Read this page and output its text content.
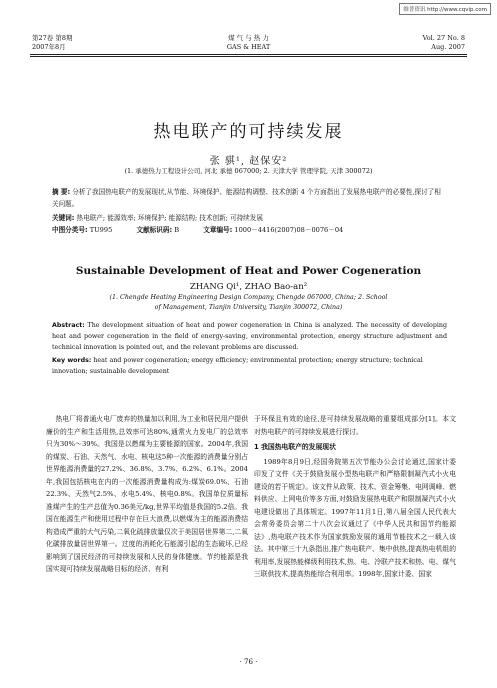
维普资讯 http://www.cqvip.com
第27卷 第8期
2007年8月
煤 气 与 热 力
GAS & HEAT
Vol. 27 No. 8
Aug. 2007
热电联产的可持续发展
张 骐¹, 赵保安²
(1. 承德热力工程设计公司, 河北 承德 067000; 2. 天津大学 管理学院, 天津 300072)
摘 要: 分析了我国热电联产的发展现状,从节能、环境保护、能源结构调整、技术创新 4 个方面指出了发展热电联产的必要性,探讨了相关问题。
关键词: 热电联产; 能源效率; 环境保护; 能源结构; 技术创新; 可持续发展
中图分类号: TU995	文献标识码: B	文章编号: 1000－4416(2007)08－0076－04
Sustainable Development of Heat and Power Cogeneration
ZHANG Qi¹, ZHAO Bao-an²
(1. Chengde Heating Engineering Design Company, Chengde 067000, China; 2. School
of Management, Tianjin University, Tianjin 300072, China)
Abstract: The development situation of heat and power cogeneration in China is analyzed. The necessity of developing heat and power cogeneration in the field of energy-saving, environmental protection, energy structure adjustment and technical innovation is pointed out, and the relevant problems are discussed.
Key words: heat and power cogeneration; energy efficiency; environmental protection; energy structure; technical innovation; sustainable development
热电厂将普通火电厂废弃的热量加以利用,为工业和居民用户提供廉价的生产和生活用热,总效率可达80%,通常火力发电厂的总效率只为30%～39%。我国是以燃煤为主要能源的国家。2004年,我国的煤炭、石油、天然气、水电、核电这5种一次能源的消费量分别占世界能源消费量的27.2%、36.8%、3.7%、6.2%、6.1%。2004年,我国包括核电在内的一次能源消费量构成为:煤炭69.0%、石油22.3%、天然气2.5%、水电5.4%、核电0.8%。我国单位质量标准煤产生的生产总值为0.36美元/kg,世界平均值是我国的5.2倍。我国在能源生产和使用过程中存在巨大浪费,以燃煤为主的能源消费结构造成严重的大气污染,二氧化硫排放量仅次于美国居世界第二,二氧化碳排放量居世界第一。过度的消耗化石能源引起的生态破坏,已经影响到了国民经济的可持续发展和人民的身体健康。节约能源是我国实现可持续发展战略目标的经济、有利
于环保且有效的途径,是可持续发展战略的重要组成部分[1]。本文对热电联产的可持续发展进行探讨。
1 我国热电联产的发展现状
1989年8月9日,经国务院第五次节能办公会讨论通过,国家计委印发了文件《关于鼓励发展小型热电联产和严格限制凝汽式小火电建设的若干规定》。该文件从政策、技术、资金筹集、电网调峰、燃料供应、上网电价等多方面,对鼓励发展热电联产和限制凝汽式小火电建设做出了具体规定。1997年11月1日,第八届全国人民代表大会常务委员会第二十八次会议通过了《中华人民共和国节约能源法》,热电联产技术作为国家鼓励发展的通用节能技术之一载入该法。其中第三十九条指出,推广热电联产、集中供热,提高热电机组的利用率,发展热能梯级利用技术,热、电、冷联产技术和热、电、煤气三联供技术,提高热能综合利用率。1998年,国家计委、国家
· 76 ·
